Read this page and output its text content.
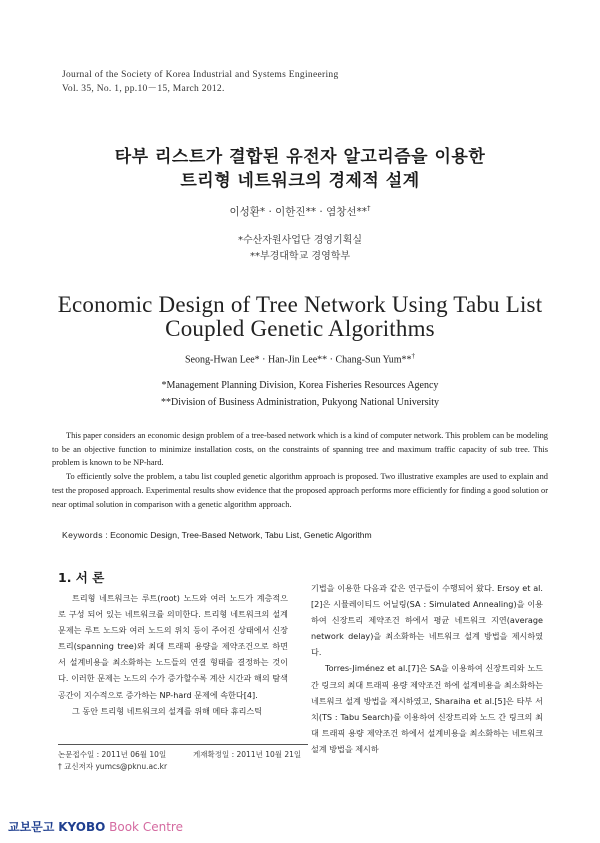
Journal of the Society of Korea Industrial and Systems Engineering
Vol. 35, No. 1, pp.10－15, March 2012.
타부 리스트가 결합된 유전자 알고리즘을 이용한
트리형 네트워크의 경제적 설계
이성환* · 이한진** · 염창선**†
*수산자원사업단 경영기획실
**부경대학교 경영학부
Economic Design of Tree Network Using Tabu List
Coupled Genetic Algorithms
Seong-Hwan Lee* · Han-Jin Lee** · Chang-Sun Yum**†
*Management Planning Division, Korea Fisheries Resources Agency
**Division of Business Administration, Pukyong National University

This paper considers an economic design problem of a tree-based network which is a kind of computer network. This problem can be modeling to be an objective function to minimize installation costs, on the constraints of spanning tree and maximum traffic capacity of sub tree. This problem is known to be NP-hard.

To efficiently solve the problem, a tabu list coupled genetic algorithm approach is proposed. Two illustrative examples are used to explain and test the proposed approach. Experimental results show evidence that the proposed approach performs more efficiently for finding a good solution or near optimal solution in comparison with a genetic algorithm approach.

Keywords : Economic Design, Tree-Based Network, Tabu List, Genetic Algorithm
1. 서 론

트리형 네트워크는 루트(root) 노드와 여러 노드가 계층적으로 구성 되어 있는 네트워크를 의미한다. 트리형 네트워크의 설계 문제는 루트 노드와 여러 노드의 위치 등이 주어진 상태에서 신장트리(spanning tree)와 최대 트래픽 용량을 제약조건으로 하면서 설계비용을 최소화하는 노드들의 연결 형태를 결정하는 것이다. 이러한 문제는 노드의 수가 증가할수록 계산 시간과 해의 탐색 공간이 지수적으로 증가하는 NP-hard 문제에 속한다[4].

그 동안 트리형 네트워크의 설계를 위해 메타 휴리스틱

기법을 이용한 다음과 같은 연구들이 수행되어 왔다. Ersoy et al.[2]은 시뮬레이티드 어닐링(SA : Simulated Annealing)을 이용하여 신장트리 제약조건 하에서 평균 네트워크 지연(average network delay)을 최소화하는 네트워크 설계 방법을 제시하였다.

Torres-Jiménez et al.[7]은 SA을 이용하여 신장트리와 노드 간 링크의 최대 트래픽 용량 제약조건 하에 설계비용을 최소화하는 네트워크 설계 방법을 제시하였고, Sharaiha et al.[5]은 타부 서치(TS : Tabu Search)를 이용하여 신장트리와 노드 간 링크의 최대 트래픽 용량 제약조건 하에서 설계비용을 최소화하는 네트워크 설계 방법을 제시하

논문접수일 : 2011년 06월 10일	게재확정일 : 2011년 10월 21일
† 교신저자 yumcs@pknu.ac.kr
교보문고 KYOBO Book Centre
